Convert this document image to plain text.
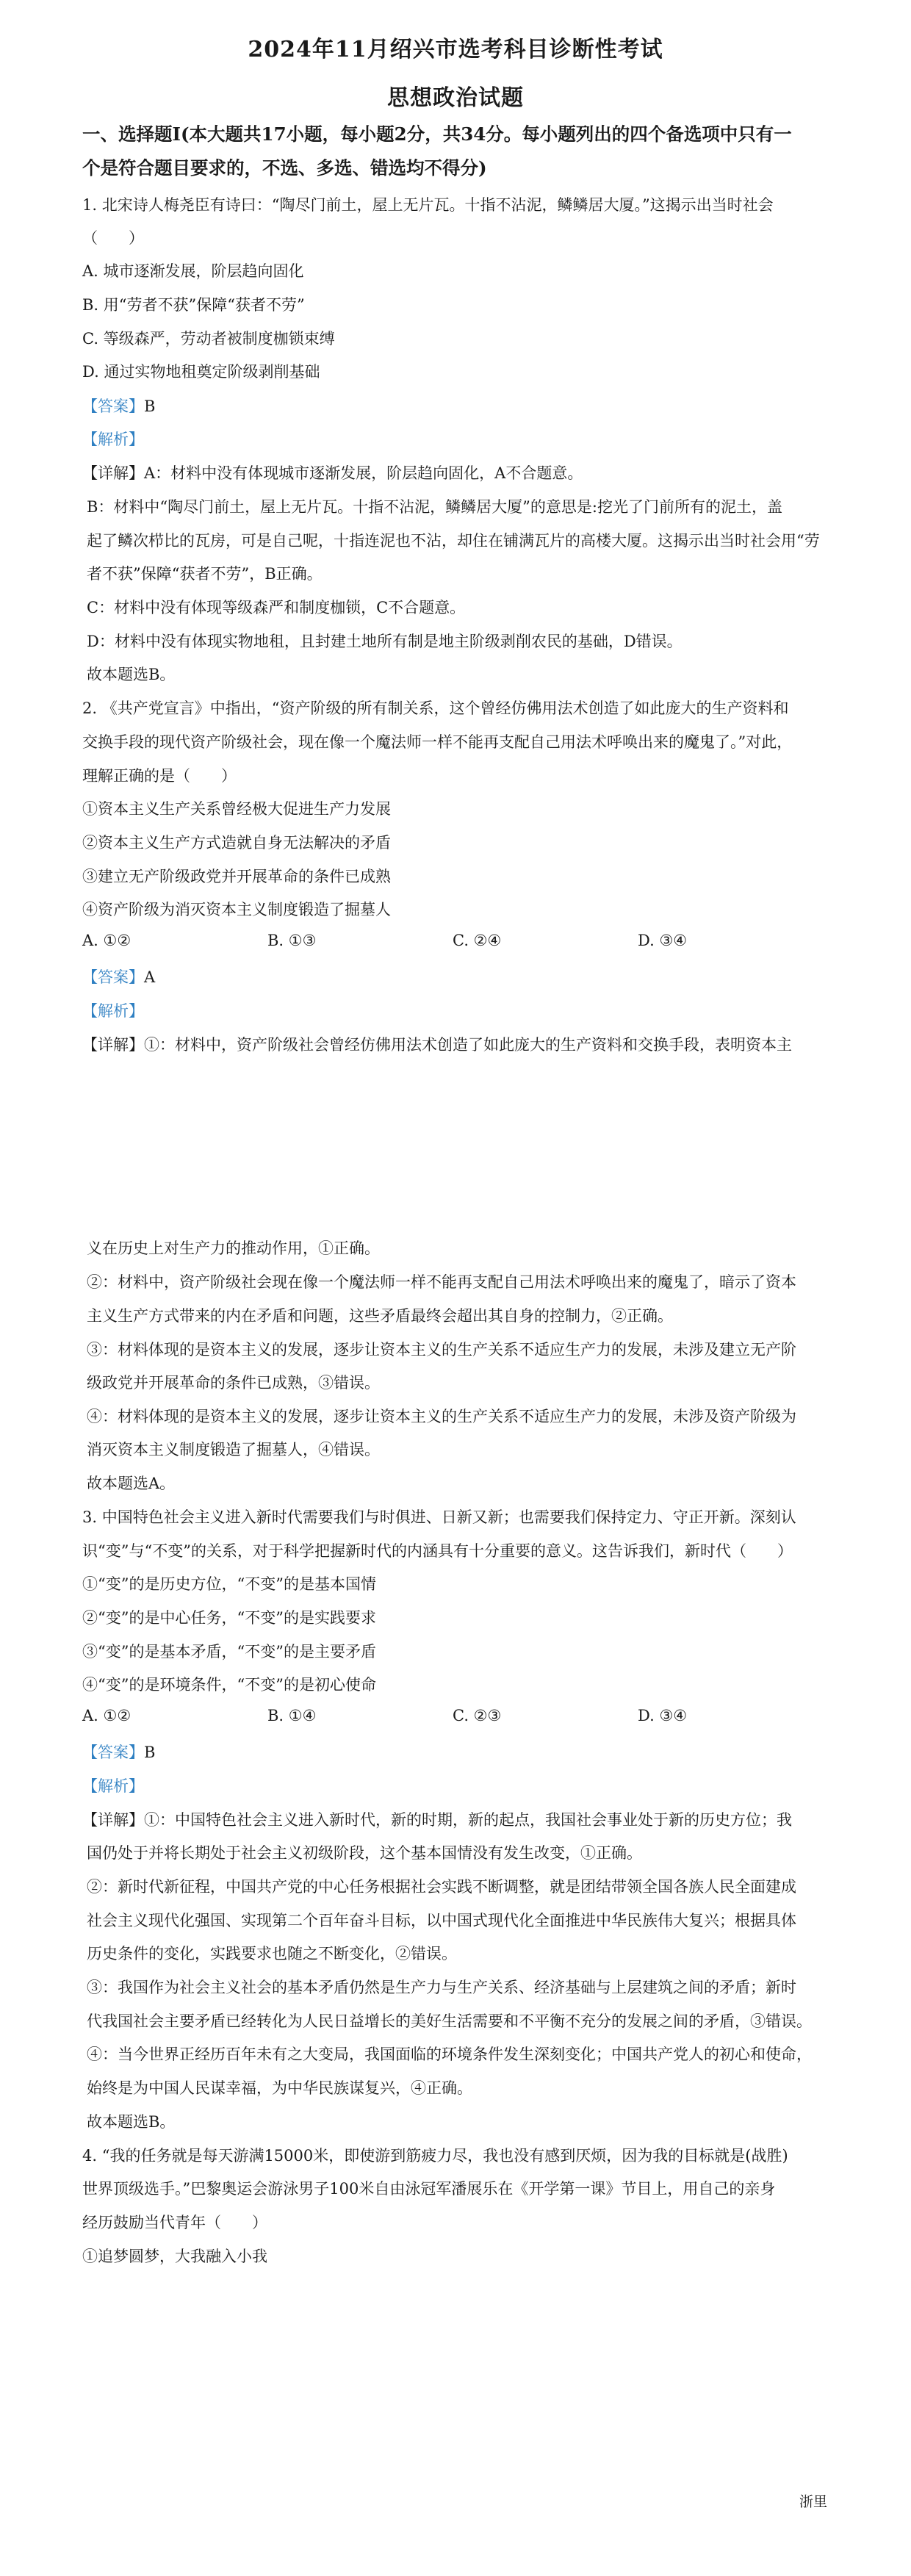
2024年11月绍兴市选考科目诊断性考试
思想政治试题
一、选择题Ⅰ(本大题共17小题，每小题2分，共34分。每小题列出的四个备选项中只有一
个是符合题目要求的，不选、多选、错选均不得分)
1. 北宋诗人梅尧臣有诗曰：“陶尽门前土，屋上无片瓦。十指不沾泥，鳞鳞居大厦。”这揭示出当时社会
（　　）
A. 城市逐渐发展，阶层趋向固化
B. 用“劳者不获”保障“获者不劳”
C. 等级森严，劳动者被制度枷锁束缚
D. 通过实物地租奠定阶级剥削基础
【答案】B
【解析】
【详解】A：材料中没有体现城市逐渐发展，阶层趋向固化，A不合题意。
B：材料中“陶尽门前土，屋上无片瓦。十指不沾泥，鳞鳞居大厦”的意思是:挖光了门前所有的泥土，盖
起了鳞次栉比的瓦房，可是自己呢，十指连泥也不沾，却住在铺满瓦片的高楼大厦。这揭示出当时社会用“劳
者不获”保障“获者不劳”，B正确。
C：材料中没有体现等级森严和制度枷锁，C不合题意。
D：材料中没有体现实物地租，且封建土地所有制是地主阶级剥削农民的基础，D错误。
故本题选B。
2. 《共产党宣言》中指出，“资产阶级的所有制关系，这个曾经仿佛用法术创造了如此庞大的生产资料和
交换手段的现代资产阶级社会，现在像一个魔法师一样不能再支配自己用法术呼唤出来的魔鬼了。”对此，
理解正确的是（　　）
①资本主义生产关系曾经极大促进生产力发展
②资本主义生产方式造就自身无法解决的矛盾
③建立无产阶级政党并开展革命的条件已成熟
④资产阶级为消灭资本主义制度锻造了掘墓人
A. ①②	B. ①③	C. ②④	D. ③④
【答案】A
【解析】
【详解】①：材料中，资产阶级社会曾经仿佛用法术创造了如此庞大的生产资料和交换手段，表明资本主
义在历史上对生产力的推动作用，①正确。
②：材料中，资产阶级社会现在像一个魔法师一样不能再支配自己用法术呼唤出来的魔鬼了，暗示了资本
主义生产方式带来的内在矛盾和问题，这些矛盾最终会超出其自身的控制力，②正确。
③：材料体现的是资本主义的发展，逐步让资本主义的生产关系不适应生产力的发展，未涉及建立无产阶
级政党并开展革命的条件已成熟，③错误。
④：材料体现的是资本主义的发展，逐步让资本主义的生产关系不适应生产力的发展，未涉及资产阶级为
消灭资本主义制度锻造了掘墓人，④错误。
故本题选A。
3. 中国特色社会主义进入新时代需要我们与时俱进、日新又新；也需要我们保持定力、守正开新。深刻认
识“变”与“不变”的关系，对于科学把握新时代的内涵具有十分重要的意义。这告诉我们，新时代（　　）
①“变”的是历史方位，“不变”的是基本国情
②“变”的是中心任务，“不变”的是实践要求
③“变”的是基本矛盾，“不变”的是主要矛盾
④“变”的是环境条件，“不变”的是初心使命
A. ①②	B. ①④	C. ②③	D. ③④
【答案】B
【解析】
【详解】①：中国特色社会主义进入新时代，新的时期，新的起点，我国社会事业处于新的历史方位；我
国仍处于并将长期处于社会主义初级阶段，这个基本国情没有发生改变，①正确。
②：新时代新征程，中国共产党的中心任务根据社会实践不断调整，就是团结带领全国各族人民全面建成
社会主义现代化强国、实现第二个百年奋斗目标，以中国式现代化全面推进中华民族伟大复兴；根据具体
历史条件的变化，实践要求也随之不断变化，②错误。
③：我国作为社会主义社会的基本矛盾仍然是生产力与生产关系、经济基础与上层建筑之间的矛盾；新时
代我国社会主要矛盾已经转化为人民日益增长的美好生活需要和不平衡不充分的发展之间的矛盾，③错误。
④：当今世界正经历百年未有之大变局，我国面临的环境条件发生深刻变化；中国共产党人的初心和使命，
始终是为中国人民谋幸福，为中华民族谋复兴，④正确。
故本题选B。
4. “我的任务就是每天游满15000米，即使游到筋疲力尽，我也没有感到厌烦，因为我的目标就是(战胜)
世界顶级选手。”巴黎奥运会游泳男子100米自由泳冠军潘展乐在《开学第一课》节目上，用自己的亲身
经历鼓励当代青年（　　）
①追梦圆梦，大我融入小我
浙里
